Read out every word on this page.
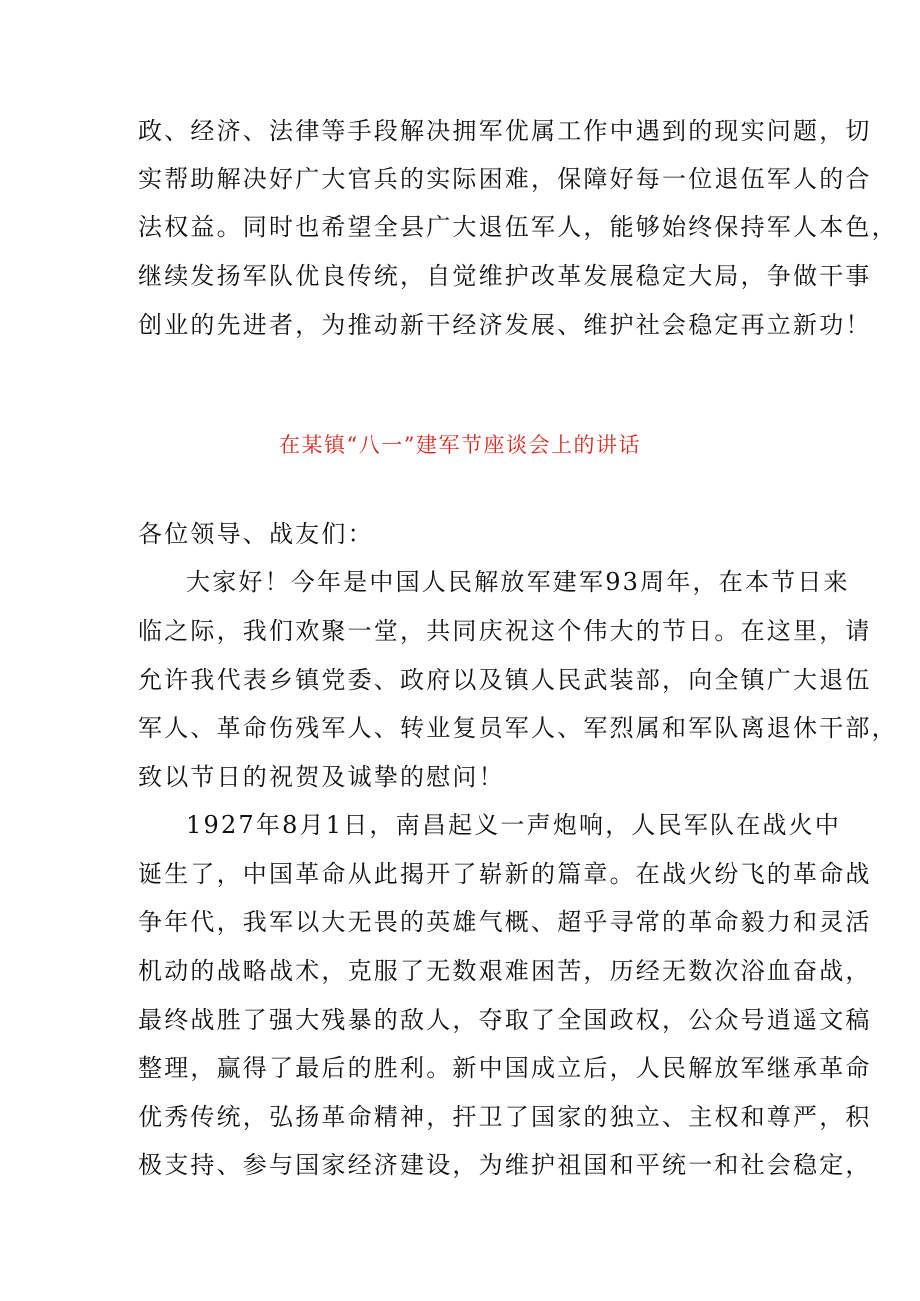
政、经济、法律等手段解决拥军优属工作中遇到的现实问题，切
实帮助解决好广大官兵的实际困难，保障好每一位退伍军人的合
法权益。同时也希望全县广大退伍军人，能够始终保持军人本色，
继续发扬军队优良传统，自觉维护改革发展稳定大局，争做干事
创业的先进者，为推动新干经济发展、维护社会稳定再立新功！
在某镇“八一”建军节座谈会上的讲话
各位领导、战友们：
大家好！今年是中国人民解放军建军93周年，在本节日来
临之际，我们欢聚一堂，共同庆祝这个伟大的节日。在这里，请
允许我代表乡镇党委、政府以及镇人民武装部，向全镇广大退伍
军人、革命伤残军人、转业复员军人、军烈属和军队离退休干部，
致以节日的祝贺及诚挚的慰问！
1927年8月1日，南昌起义一声炮响，人民军队在战火中
诞生了，中国革命从此揭开了崭新的篇章。在战火纷飞的革命战
争年代，我军以大无畏的英雄气概、超乎寻常的革命毅力和灵活
机动的战略战术，克服了无数艰难困苦，历经无数次浴血奋战，
最终战胜了强大残暴的敌人，夺取了全国政权，公众号逍遥文稿
整理，赢得了最后的胜利。新中国成立后，人民解放军继承革命
优秀传统，弘扬革命精神，扞卫了国家的独立、主权和尊严，积
极支持、参与国家经济建设，为维护祖国和平统一和社会稳定，
